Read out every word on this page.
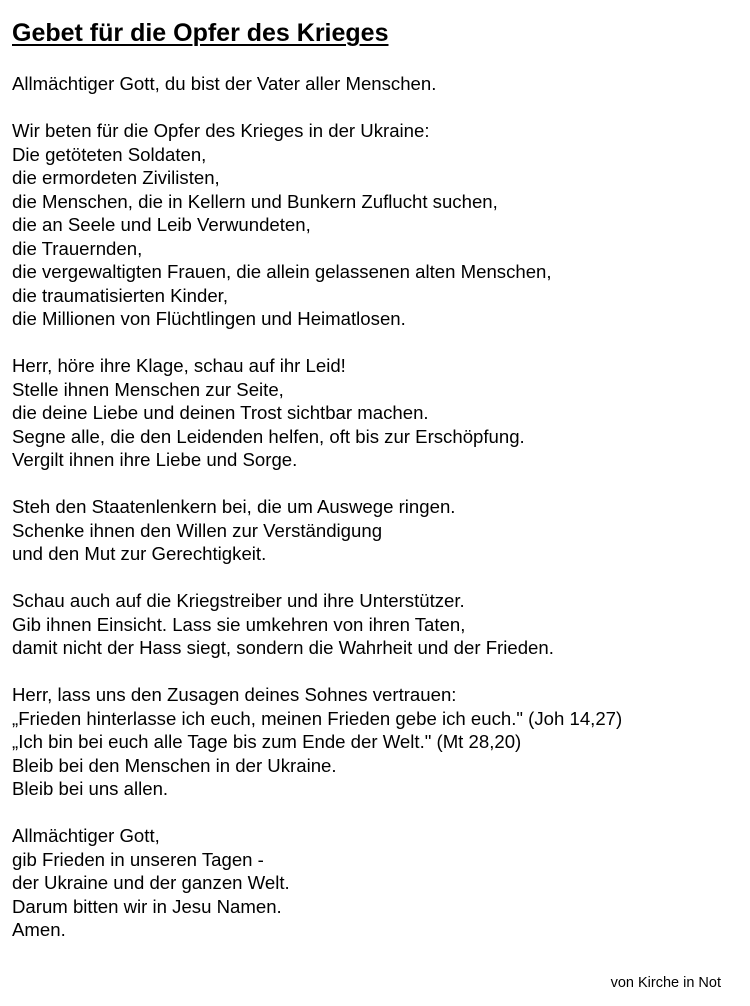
Gebet für die Opfer des Krieges
Allmächtiger Gott, du bist der Vater aller Menschen.
Wir beten für die Opfer des Krieges in der Ukraine:
Die getöteten Soldaten,
die ermordeten Zivilisten,
die Menschen, die in Kellern und Bunkern Zuflucht suchen,
die an Seele und Leib Verwundeten,
die Trauernden,
die vergewaltigten Frauen, die allein gelassenen alten Menschen,
die traumatisierten Kinder,
die Millionen von Flüchtlingen und Heimatlosen.
Herr, höre ihre Klage, schau auf ihr Leid!
Stelle ihnen Menschen zur Seite,
die deine Liebe und deinen Trost sichtbar machen.
Segne alle, die den Leidenden helfen, oft bis zur Erschöpfung.
Vergilt ihnen ihre Liebe und Sorge.
Steh den Staatenlenkern bei, die um Auswege ringen.
Schenke ihnen den Willen zur Verständigung
und den Mut zur Gerechtigkeit.
Schau auch auf die Kriegstreiber und ihre Unterstützer.
Gib ihnen Einsicht. Lass sie umkehren von ihren Taten,
damit nicht der Hass siegt, sondern die Wahrheit und der Frieden.
Herr, lass uns den Zusagen deines Sohnes vertrauen:
„Frieden hinterlasse ich euch, meinen Frieden gebe ich euch." (Joh 14,27)
„Ich bin bei euch alle Tage bis zum Ende der Welt." (Mt 28,20)
Bleib bei den Menschen in der Ukraine.
Bleib bei uns allen.
Allmächtiger Gott,
gib Frieden in unseren Tagen -
der Ukraine und der ganzen Welt.
Darum bitten wir in Jesu Namen.
Amen.
von Kirche in Not
